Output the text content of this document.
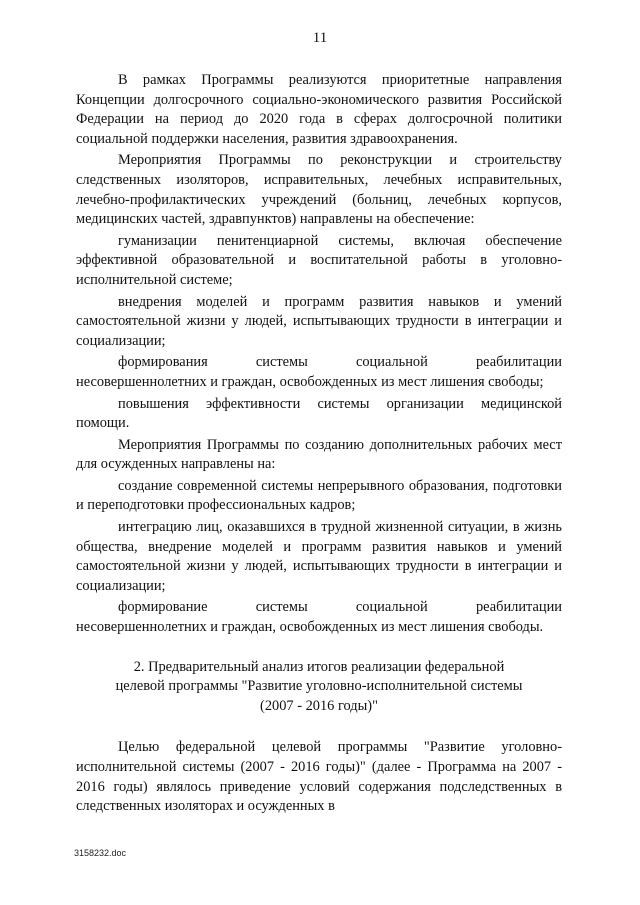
11

В рамках Программы реализуются приоритетные направления Концепции долгосрочного социально-экономического развития Российской Федерации на период до 2020 года в сферах долгосрочной политики социальной поддержки населения, развития здравоохранения.

Мероприятия Программы по реконструкции и строительству следственных изоляторов, исправительных, лечебных исправительных, лечебно-профилактических учреждений (больниц, лечебных корпусов, медицинских частей, здравпунктов) направлены на обеспечение:

гуманизации пенитенциарной системы, включая обеспечение эффективной образовательной и воспитательной работы в уголовно-исполнительной системе;

внедрения моделей и программ развития навыков и умений самостоятельной жизни у людей, испытывающих трудности в интеграции и социализации;

формирования системы социальной реабилитации несовершеннолетних и граждан, освобожденных из мест лишения свободы;

повышения эффективности системы организации медицинской помощи.

Мероприятия Программы по созданию дополнительных рабочих мест для осужденных направлены на:

создание современной системы непрерывного образования, подготовки и переподготовки профессиональных кадров;

интеграцию лиц, оказавшихся в трудной жизненной ситуации, в жизнь общества, внедрение моделей и программ развития навыков и умений самостоятельной жизни у людей, испытывающих трудности в интеграции и социализации;

формирование системы социальной реабилитации несовершеннолетних и граждан, освобожденных из мест лишения свободы.

2. Предварительный анализ итогов реализации федеральной
целевой программы "Развитие уголовно-исполнительной системы
(2007 - 2016 годы)"

Целью федеральной целевой программы "Развитие уголовно-исполнительной системы (2007 - 2016 годы)" (далее - Программа на 2007 - 2016 годы) являлось приведение условий содержания подследственных в следственных изоляторах и осужденных в

3158232.doc
